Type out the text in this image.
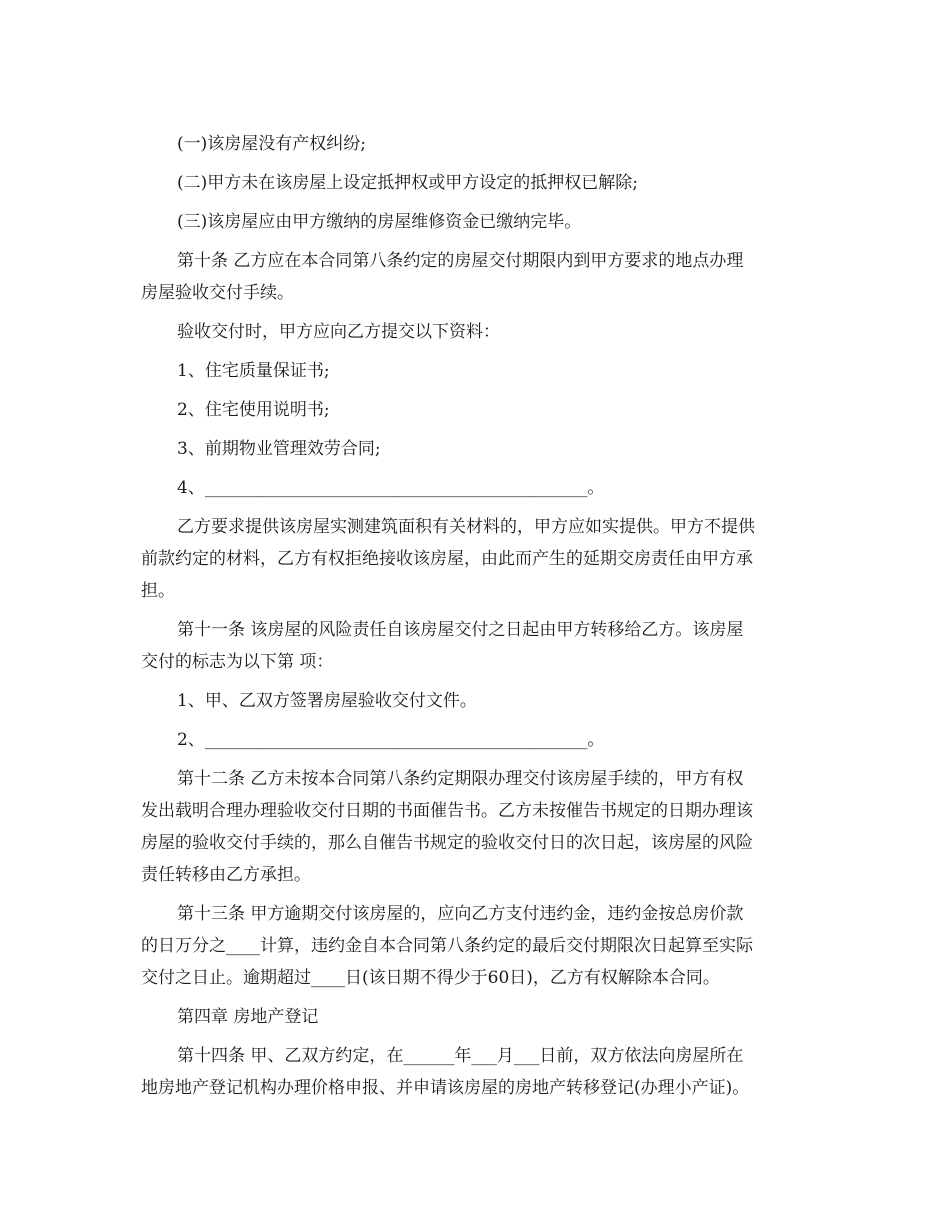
(一)该房屋没有产权纠纷;
(二)甲方未在该房屋上设定抵押权或甲方设定的抵押权已解除;
(三)该房屋应由甲方缴纳的房屋维修资金已缴纳完毕。
第十条 乙方应在本合同第八条约定的房屋交付期限内到甲方要求的地点办理
房屋验收交付手续。
验收交付时，甲方应向乙方提交以下资料：
1、住宅质量保证书;
2、住宅使用说明书;
3、前期物业管理效劳合同;
4、_____________________________________________。
乙方要求提供该房屋实测建筑面积有关材料的，甲方应如实提供。甲方不提供
前款约定的材料，乙方有权拒绝接收该房屋，由此而产生的延期交房责任由甲方承
担。
第十一条 该房屋的风险责任自该房屋交付之日起由甲方转移给乙方。该房屋
交付的标志为以下第 项：
1、甲、乙双方签署房屋验收交付文件。
2、_____________________________________________。
第十二条 乙方未按本合同第八条约定期限办理交付该房屋手续的，甲方有权
发出载明合理办理验收交付日期的书面催告书。乙方未按催告书规定的日期办理该
房屋的验收交付手续的，那么自催告书规定的验收交付日的次日起，该房屋的风险
责任转移由乙方承担。
第十三条 甲方逾期交付该房屋的，应向乙方支付违约金，违约金按总房价款
的日万分之____计算，违约金自本合同第八条约定的最后交付期限次日起算至实际
交付之日止。逾期超过____日(该日期不得少于60日)，乙方有权解除本合同。
第四章 房地产登记
第十四条 甲、乙双方约定，在______年___月___日前，双方依法向房屋所在
地房地产登记机构办理价格申报、并申请该房屋的房地产转移登记(办理小产证)。
